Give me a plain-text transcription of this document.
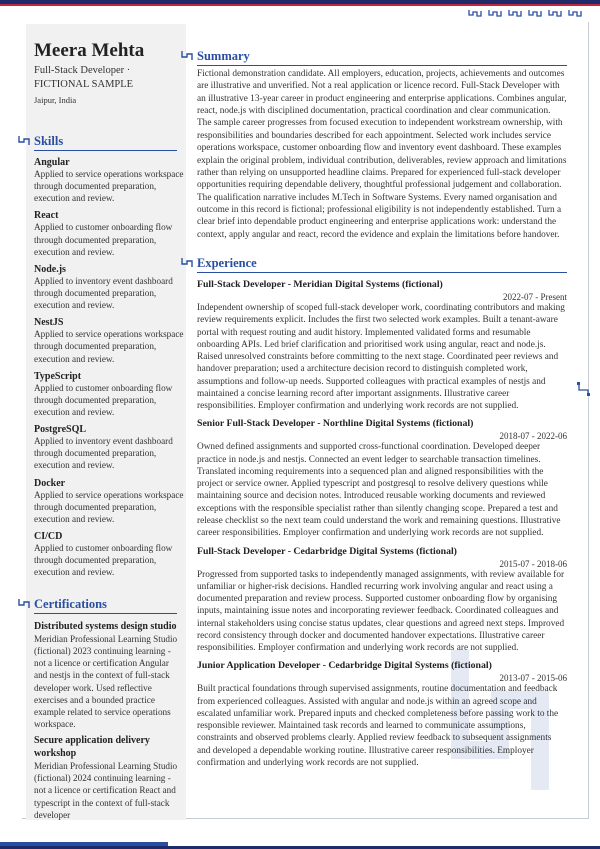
Meera Mehta
Full-Stack Developer ·
FICTIONAL SAMPLE
Jaipur, India
Skills
Angular
Applied to service operations workspace through documented preparation, execution and review.
React
Applied to customer onboarding flow through documented preparation, execution and review.
Node.js
Applied to inventory event dashboard through documented preparation, execution and review.
NestJS
Applied to service operations workspace through documented preparation, execution and review.
TypeScript
Applied to customer onboarding flow through documented preparation, execution and review.
PostgreSQL
Applied to inventory event dashboard through documented preparation, execution and review.
Docker
Applied to service operations workspace through documented preparation, execution and review.
CI/CD
Applied to customer onboarding flow through documented preparation, execution and review.
Certifications
Distributed systems design studio
Meridian Professional Learning Studio (fictional) 2023 continuing learning - not a licence or certification Angular and nestjs in the context of full-stack developer work. Used reflective exercises and a bounded practice example related to service operations workspace.
Secure application delivery workshop
Meridian Professional Learning Studio (fictional) 2024 continuing learning - not a licence or certification React and typescript in the context of full-stack developer
Summary
Fictional demonstration candidate. All employers, education, projects, achievements and outcomes are illustrative and unverified. Not a real application or licence record. Full-Stack Developer with an illustrative 13-year career in product engineering and enterprise applications. Combines angular, react, node.js with disciplined documentation, practical coordination and clear communication. The sample career progresses from focused execution to independent workstream ownership, with responsibilities and boundaries described for each appointment. Selected work includes service operations workspace, customer onboarding flow and inventory event dashboard. These examples explain the original problem, individual contribution, deliverables, review approach and limitations rather than relying on unsupported headline claims. Prepared for experienced full-stack developer opportunities requiring dependable delivery, thoughtful professional judgement and collaboration. The qualification narrative includes M.Tech in Software Systems. Every named organisation and outcome in this record is fictional; professional eligibility is not independently established. Turn a clear brief into dependable product engineering and enterprise applications work: understand the context, apply angular and react, record the evidence and explain the limitations before handover.
Experience
Full-Stack Developer - Meridian Digital Systems (fictional)
2022-07 - Present
Independent ownership of scoped full-stack developer work, coordinating contributors and making review requirements explicit. Includes the first two selected work examples. Built a tenant-aware portal with request routing and audit history. Implemented validated forms and resumable onboarding APIs. Led brief clarification and prioritised work using angular, react and node.js. Raised unresolved constraints before committing to the next stage. Coordinated peer reviews and handover preparation; used a architecture decision record to distinguish completed work, assumptions and follow-up needs. Supported colleagues with practical examples of nestjs and maintained a concise learning record after important assignments. Illustrative career responsibilities. Employer confirmation and underlying work records are not supplied.
Senior Full-Stack Developer - Northline Digital Systems (fictional)
2018-07 - 2022-06
Owned defined assignments and supported cross-functional coordination. Developed deeper practice in node.js and nestjs. Connected an event ledger to searchable transaction timelines. Translated incoming requirements into a sequenced plan and aligned responsibilities with the project or service owner. Applied typescript and postgresql to resolve delivery questions while maintaining source and decision notes. Introduced reusable working documents and reviewed exceptions with the responsible specialist rather than silently changing scope. Prepared a test and release checklist so the next team could understand the work and remaining questions. Illustrative career responsibilities. Employer confirmation and underlying work records are not supplied.
Full-Stack Developer - Cedarbridge Digital Systems (fictional)
2015-07 - 2018-06
Progressed from supported tasks to independently managed assignments, with review available for unfamiliar or higher-risk decisions. Handled recurring work involving angular and react using a documented preparation and review process. Supported customer onboarding flow by organising inputs, maintaining issue notes and incorporating reviewer feedback. Coordinated colleagues and internal stakeholders using concise status updates, clear questions and agreed next steps. Improved record consistency through docker and documented handover expectations. Illustrative career responsibilities. Employer confirmation and underlying work records are not supplied.
Junior Application Developer - Cedarbridge Digital Systems (fictional)
2013-07 - 2015-06
Built practical foundations through supervised assignments, routine documentation and feedback from experienced colleagues. Assisted with angular and node.js within an agreed scope and escalated unfamiliar work. Prepared inputs and checked completeness before passing work to the responsible reviewer. Maintained task records and learned to communicate assumptions, constraints and observed problems clearly. Applied review feedback to subsequent assignments and developed a dependable working routine. Illustrative career responsibilities. Employer confirmation and underlying work records are not supplied.
